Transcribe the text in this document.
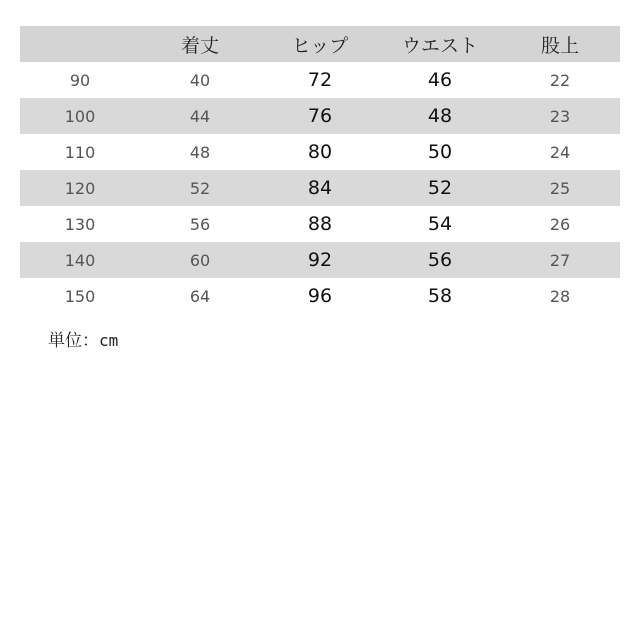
	着丈	ヒップ	ウエスト	股上
90	40	72	46	22
100	44	76	48	23
110	48	80	50	24
120	52	84	52	25
130	56	88	54	26
140	60	92	56	27
150	64	96	58	28
単位：cm
